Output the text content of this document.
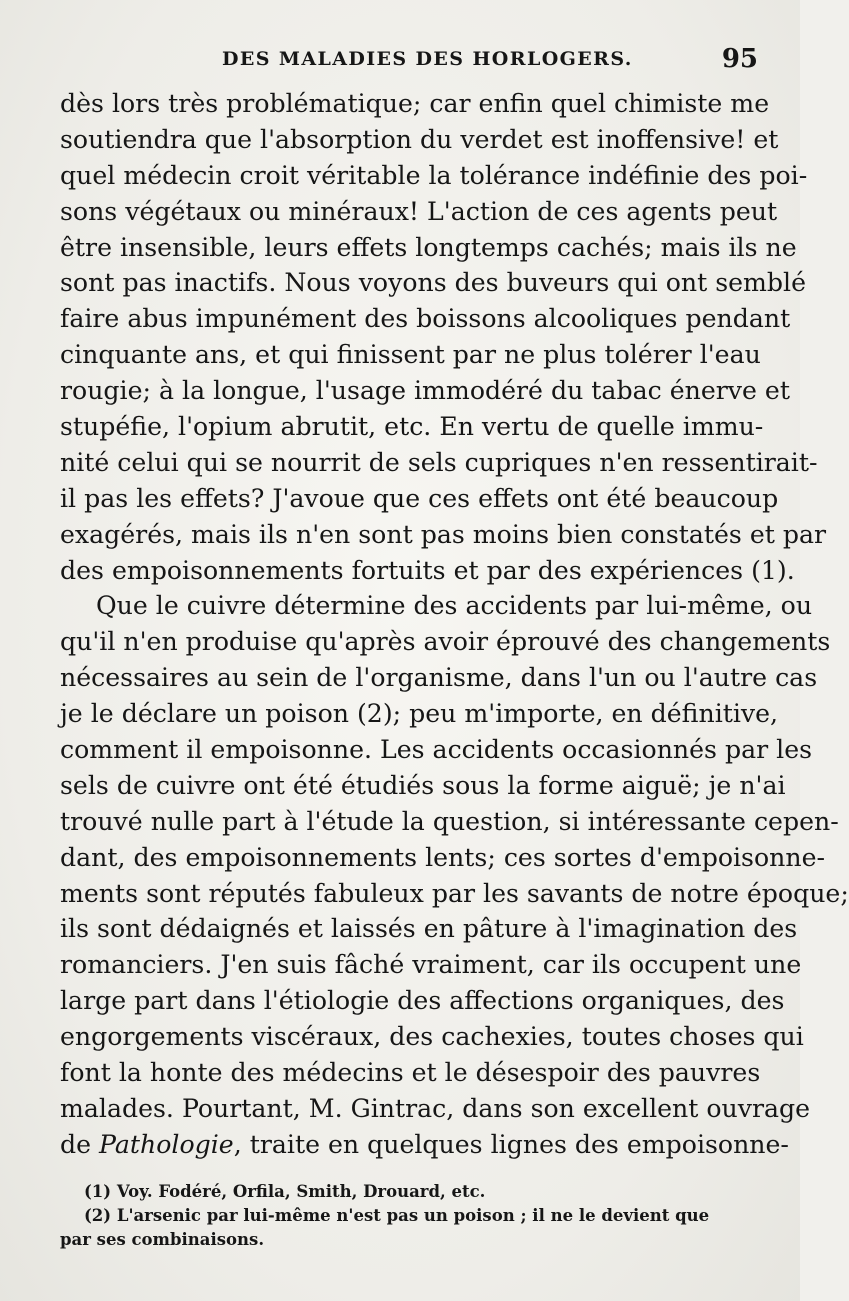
DES MALADIES DES HORLOGERS.	95
dès lors très problématique; car enfin quel chimiste me
soutiendra que l'absorption du verdet est inoffensive! et
quel médecin croit véritable la tolérance indéfinie des poi-
sons végétaux ou minéraux! L'action de ces agents peut
être insensible, leurs effets longtemps cachés; mais ils ne
sont pas inactifs. Nous voyons des buveurs qui ont semblé
faire abus impunément des boissons alcooliques pendant
cinquante ans, et qui finissent par ne plus tolérer l'eau
rougie; à la longue, l'usage immodéré du tabac énerve et
stupéfie, l'opium abrutit, etc. En vertu de quelle immu-
nité celui qui se nourrit de sels cupriques n'en ressentirait-
il pas les effets? J'avoue que ces effets ont été beaucoup
exagérés, mais ils n'en sont pas moins bien constatés et par
des empoisonnements fortuits et par des expériences (1).
Que le cuivre détermine des accidents par lui-même, ou
qu'il n'en produise qu'après avoir éprouvé des changements
nécessaires au sein de l'organisme, dans l'un ou l'autre cas
je le déclare un poison (2); peu m'importe, en définitive,
comment il empoisonne. Les accidents occasionnés par les
sels de cuivre ont été étudiés sous la forme aiguë; je n'ai
trouvé nulle part à l'étude la question, si intéressante cepen-
dant, des empoisonnements lents; ces sortes d'empoisonne-
ments sont réputés fabuleux par les savants de notre époque;
ils sont dédaignés et laissés en pâture à l'imagination des
romanciers. J'en suis fâché vraiment, car ils occupent une
large part dans l'étiologie des affections organiques, des
engorgements viscéraux, des cachexies, toutes choses qui
font la honte des médecins et le désespoir des pauvres
malades. Pourtant, M. Gintrac, dans son excellent ouvrage
de Pathologie, traite en quelques lignes des empoisonne-
(1) Voy. Fodéré, Orfila, Smith, Drouard, etc.
(2) L'arsenic par lui-même n'est pas un poison ; il ne le devient que
par ses combinaisons.
